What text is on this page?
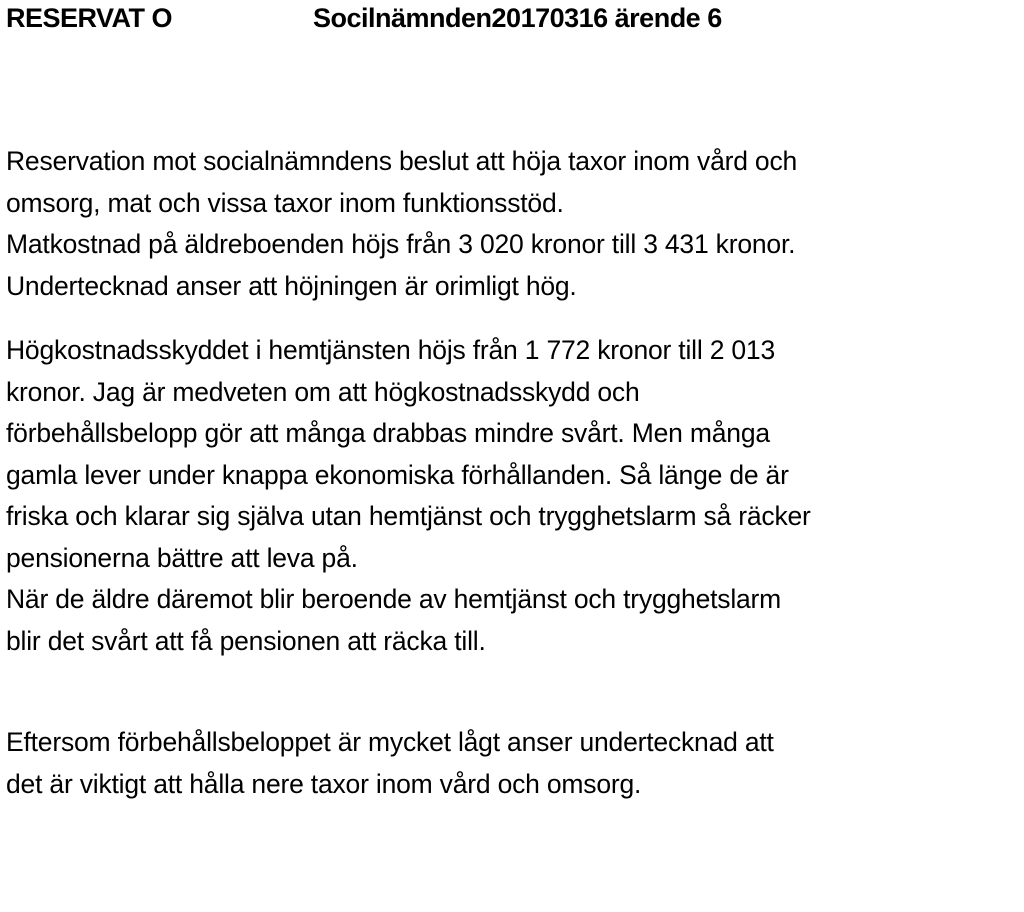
RESERVAT O	Socilnämnden20170316 ärende 6
Reservation mot socialnämndens beslut att höja taxor inom vård och
omsorg, mat och vissa taxor inom funktionsstöd.
Matkostnad på äldreboenden höjs från 3 020 kronor till 3 431 kronor.
Undertecknad anser att höjningen är orimligt hög.
Högkostnadsskyddet i hemtjänsten höjs från 1 772 kronor till 2 013
kronor. Jag är medveten om att högkostnadsskydd och
förbehållsbelopp gör att många drabbas mindre svårt. Men många
gamla lever under knappa ekonomiska förhållanden. Så länge de är
friska och klarar sig själva utan hemtjänst och trygghetslarm så räcker
pensionerna bättre att leva på.
När de äldre däremot blir beroende av hemtjänst och trygghetslarm
blir det svårt att få pensionen att räcka till.
Eftersom förbehållsbeloppet är mycket lågt anser undertecknad att
det är viktigt att hålla nere taxor inom vård och omsorg.
